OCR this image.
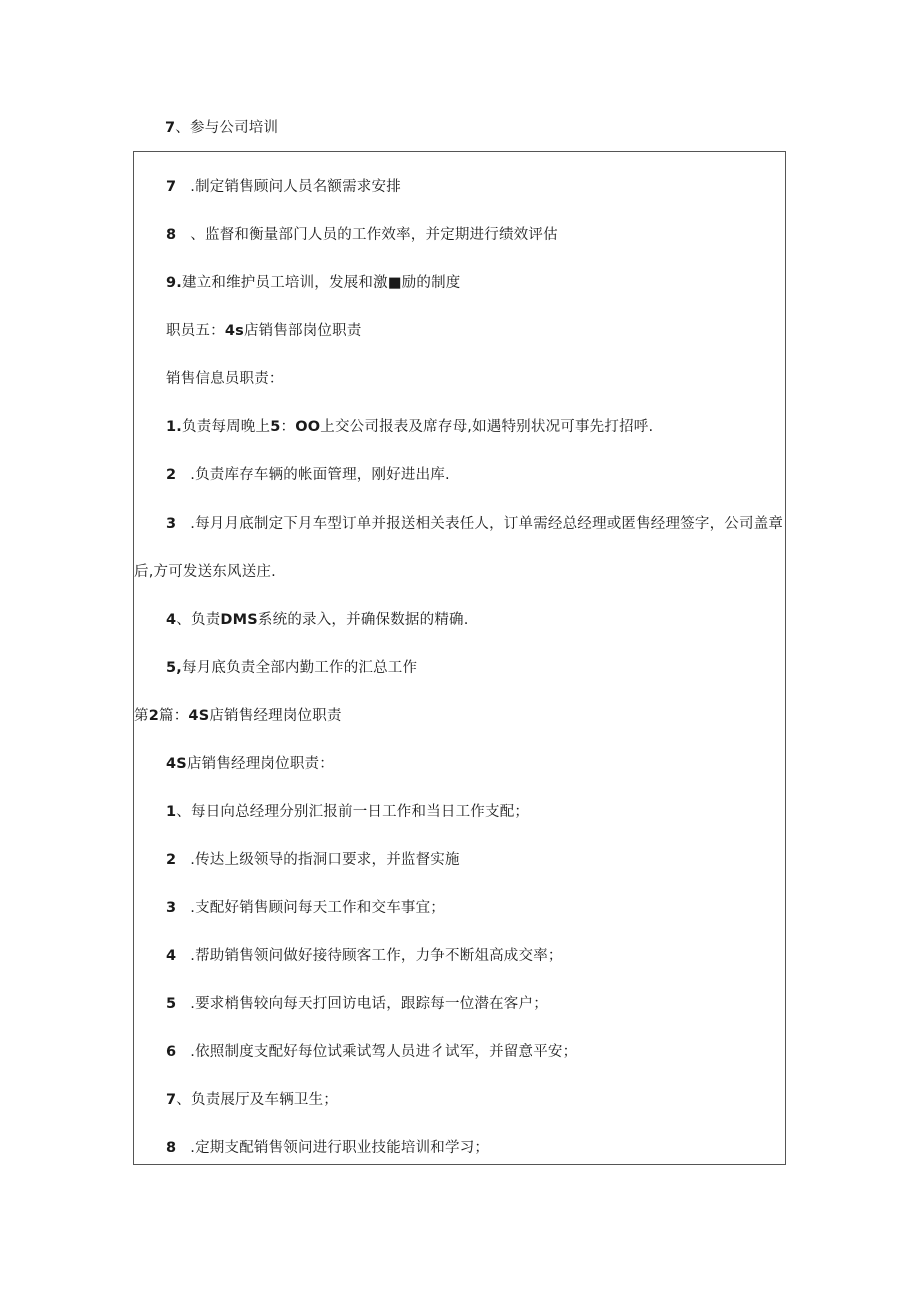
7、参与公司培训
7 .制定销售顾问人员名额需求安排
8 、监督和衡量部门人员的工作效率，并定期进行绩效评估
9.建立和维护员工培训，发展和激■励的制度
职员五：4s店销售部岗位职责
销售信息员职责：
1.负责每周晚上5：OO上交公司报表及席存母,如遇特别状况可事先打招呼.
2 .负责库存车辆的帐面管理，刚好进出库.
3 .每月月底制定下月车型订单并报送相关表任人，订单需经总经理或匿售经理签字，公司盖章
后,方可发送东风送庄.
4、负责DMS系统的录入，并确保数据的精确.
5,每月底负责全部内勤工作的汇总工作
第2篇：4S店销售经理岗位职责
4S店销售经理岗位职责：
1、每日向总经理分别汇报前一日工作和当日工作支配；
2 .传达上级领导的指洞口要求，并监督实施
3 .支配好销售顾问每天工作和交车事宜；
4 .帮助销售领问做好接待顾客工作，力争不断俎高成交率；
5 .要求梢售较向每天打回访电话，跟踪每一位潜在客户；
6 .依照制度支配好每位试乘试驾人员进彳试军，并留意平安；
7、负责展厅及车辆卫生；
8 .定期支配销售领问进行职业技能培训和学习；
